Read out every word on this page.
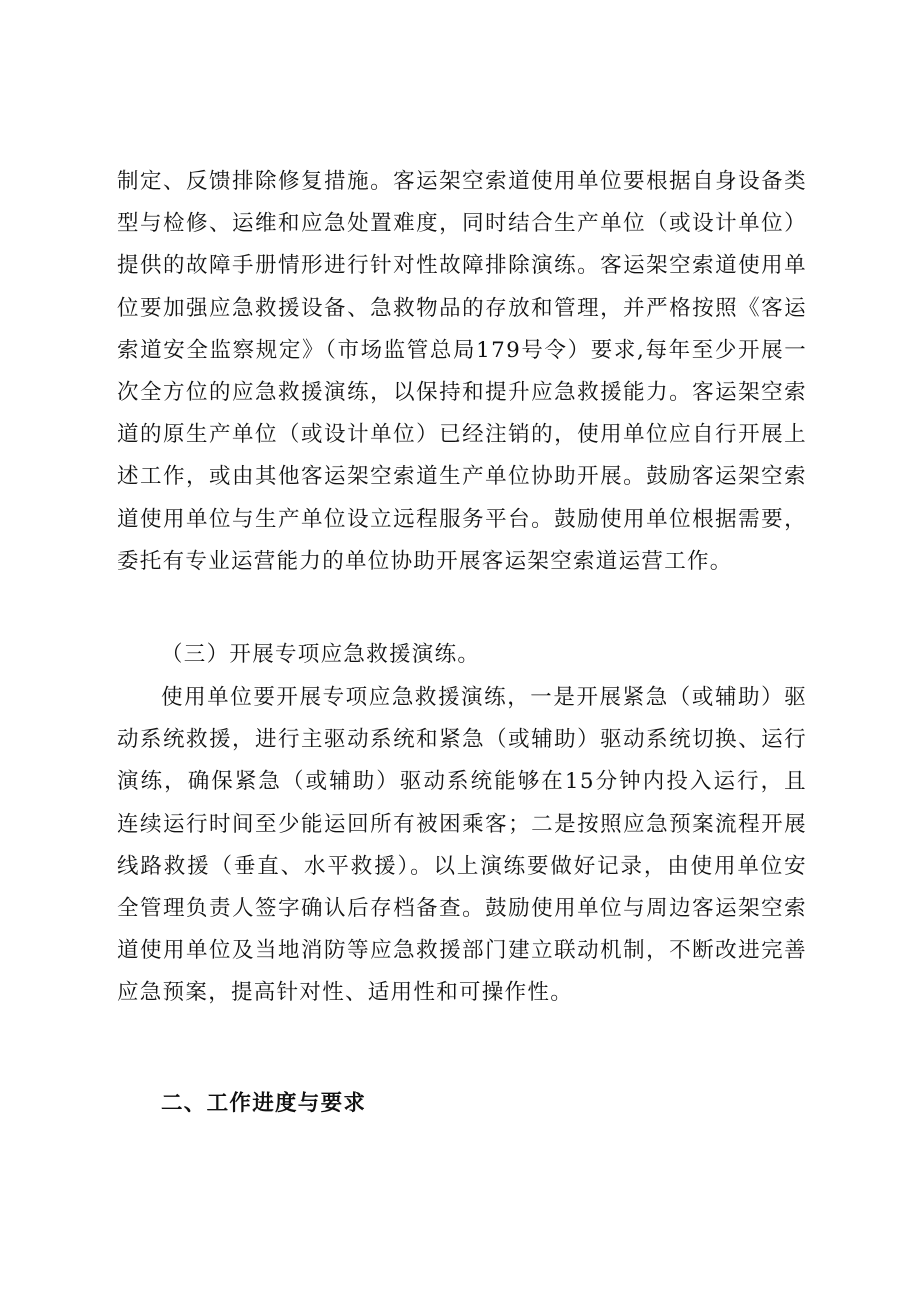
制定、反馈排除修复措施。客运架空索道使用单位要根据自身设备类型与检修、运维和应急处置难度，同时结合生产单位（或设计单位）提供的故障手册情形进行针对性故障排除演练。客运架空索道使用单位要加强应急救援设备、急救物品的存放和管理，并严格按照《客运索道安全监察规定》（市场监管总局179号令）要求,每年至少开展一次全方位的应急救援演练，以保持和提升应急救援能力。客运架空索道的原生产单位（或设计单位）已经注销的，使用单位应自行开展上述工作，或由其他客运架空索道生产单位协助开展。鼓励客运架空索道使用单位与生产单位设立远程服务平台。鼓励使用单位根据需要，委托有专业运营能力的单位协助开展客运架空索道运营工作。

（三）开展专项应急救援演练。

使用单位要开展专项应急救援演练，一是开展紧急（或辅助）驱动系统救援，进行主驱动系统和紧急（或辅助）驱动系统切换、运行演练，确保紧急（或辅助）驱动系统能够在15分钟内投入运行，且连续运行时间至少能运回所有被困乘客；二是按照应急预案流程开展线路救援（垂直、水平救援）。以上演练要做好记录，由使用单位安全管理负责人签字确认后存档备查。鼓励使用单位与周边客运架空索道使用单位及当地消防等应急救援部门建立联动机制，不断改进完善应急预案，提高针对性、适用性和可操作性。

二、工作进度与要求
